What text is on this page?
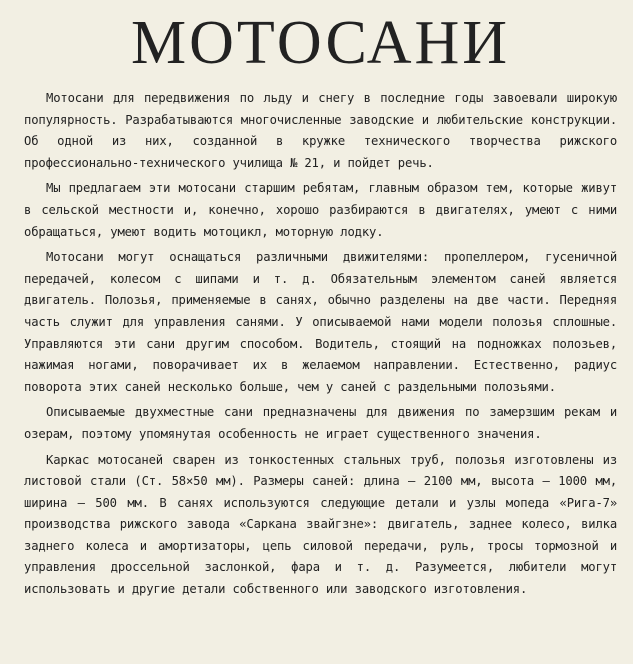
МОТОСАНИ

Мотосани для передвижения по льду и снегу в последние годы завоевали широкую популярность. Разрабатываются многочисленные заводские и любительские конструкции. Об одной из них, созданной в кружке технического творчества рижского профессионально-технического училища № 21, и пойдет речь.

Мы предлагаем эти мотосани старшим ребятам, главным образом тем, которые живут в сельской местности и, конечно, хорошо разбираются в двигателях, умеют с ними обращаться, умеют водить мотоцикл, моторную лодку.

Мотосани могут оснащаться различными движителями: пропеллером, гусеничной передачей, колесом с шипами и т. д. Обязательным элементом саней является двигатель. Полозья, применяемые в санях, обычно разделены на две части. Передняя часть служит для управления санями. У описываемой нами модели полозья сплошные. Управляются эти сани другим способом. Водитель, стоящий на подножках полозьев, нажимая ногами, поворачивает их в желаемом направлении. Естественно, радиус поворота этих саней несколько больше, чем у саней с раздельными полозьями.

Описываемые двухместные сани предназначены для движения по замерзшим рекам и озерам, поэтому упомянутая особенность не играет существенного значения.

Каркас мотосаней сварен из тонкостенных стальных труб, полозья изготовлены из листовой стали (Ст. 58×50 мм). Размеры саней: длина — 2100 мм, высота — 1000 мм, ширина — 500 мм. В санях используются следующие детали и узлы мопеда «Рига-7» производства рижского завода «Саркана звайгзне»: двигатель, заднее колесо, вилка заднего колеса и амортизаторы, цепь силовой передачи, руль, тросы тормозной и управления дроссельной заслонкой, фара и т. д. Разумеется, любители могут использовать и другие детали собственного или заводского изготовления.
